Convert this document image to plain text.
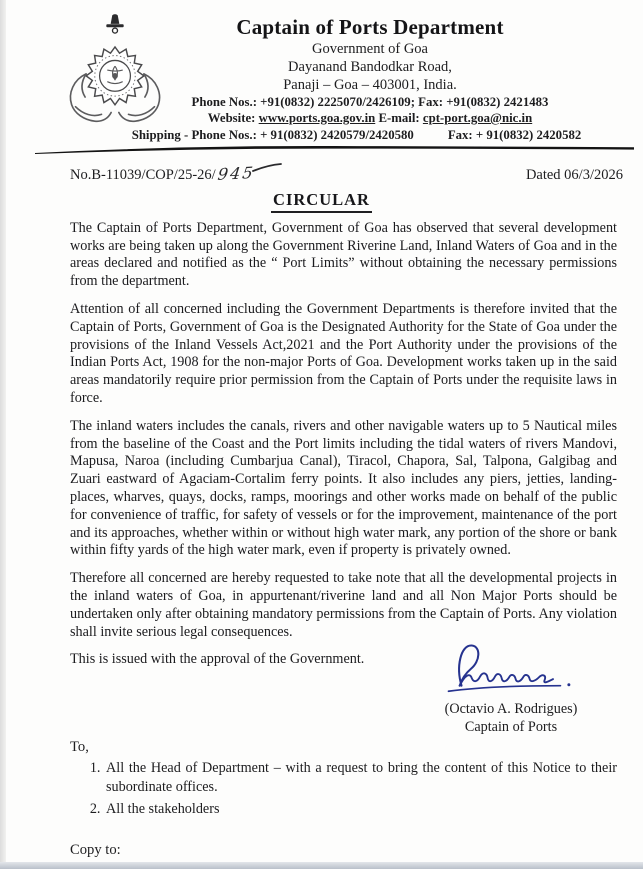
Captain of Ports Department
Government of Goa
Dayanand Bandodkar Road,
Panaji – Goa – 403001, India.
Phone Nos.: +91(0832) 2225070/2426109; Fax: +91(0832) 2421483
Website: www.ports.goa.gov.in E-mail: cpt-port.goa@nic.in
Shipping - Phone Nos.: + 91(0832) 2420579/2420580	Fax: + 91(0832) 2420582
No.B-11039/COP/25-26/945	Dated 06/3/2026
CIRCULAR

The Captain of Ports Department, Government of Goa has observed that several development works are being taken up along the Government Riverine Land, Inland Waters of Goa and in the areas declared and notified as the “ Port Limits” without obtaining the necessary permissions from the department.

Attention of all concerned including the Government Departments is therefore invited that the Captain of Ports, Government of Goa is the Designated Authority for the State of Goa under the provisions of the Inland Vessels Act,2021 and the Port Authority under the provisions of the Indian Ports Act, 1908 for the non-major Ports of Goa. Development works taken up in the said areas mandatorily require prior permission from the Captain of Ports under the requisite laws in force.

The inland waters includes the canals, rivers and other navigable waters up to 5 Nautical miles from the baseline of the Coast and the Port limits including the tidal waters of rivers Mandovi, Mapusa, Naroa (including Cumbarjua Canal), Tiracol, Chapora, Sal, Talpona, Galgibag and Zuari eastward of Agaciam-Cortalim ferry points. It also includes any piers, jetties, landing-places, wharves, quays, docks, ramps, moorings and other works made on behalf of the public for convenience of traffic, for safety of vessels or for the improvement, maintenance of the port and its approaches, whether within or without high water mark, any portion of the shore or bank within fifty yards of the high water mark, even if property is privately owned.

Therefore all concerned are hereby requested to take note that all the developmental projects in the inland waters of Goa, in appurtenant/riverine land and all Non Major Ports should be undertaken only after obtaining mandatory permissions from the Captain of Ports. Any violation shall invite serious legal consequences.

This is issued with the approval of the Government.

(Octavio A. Rodrigues)
Captain of Ports
To,
1. All the Head of Department – with a request to bring the content of this Notice to their subordinate offices.
2. All the stakeholders
Copy to:
